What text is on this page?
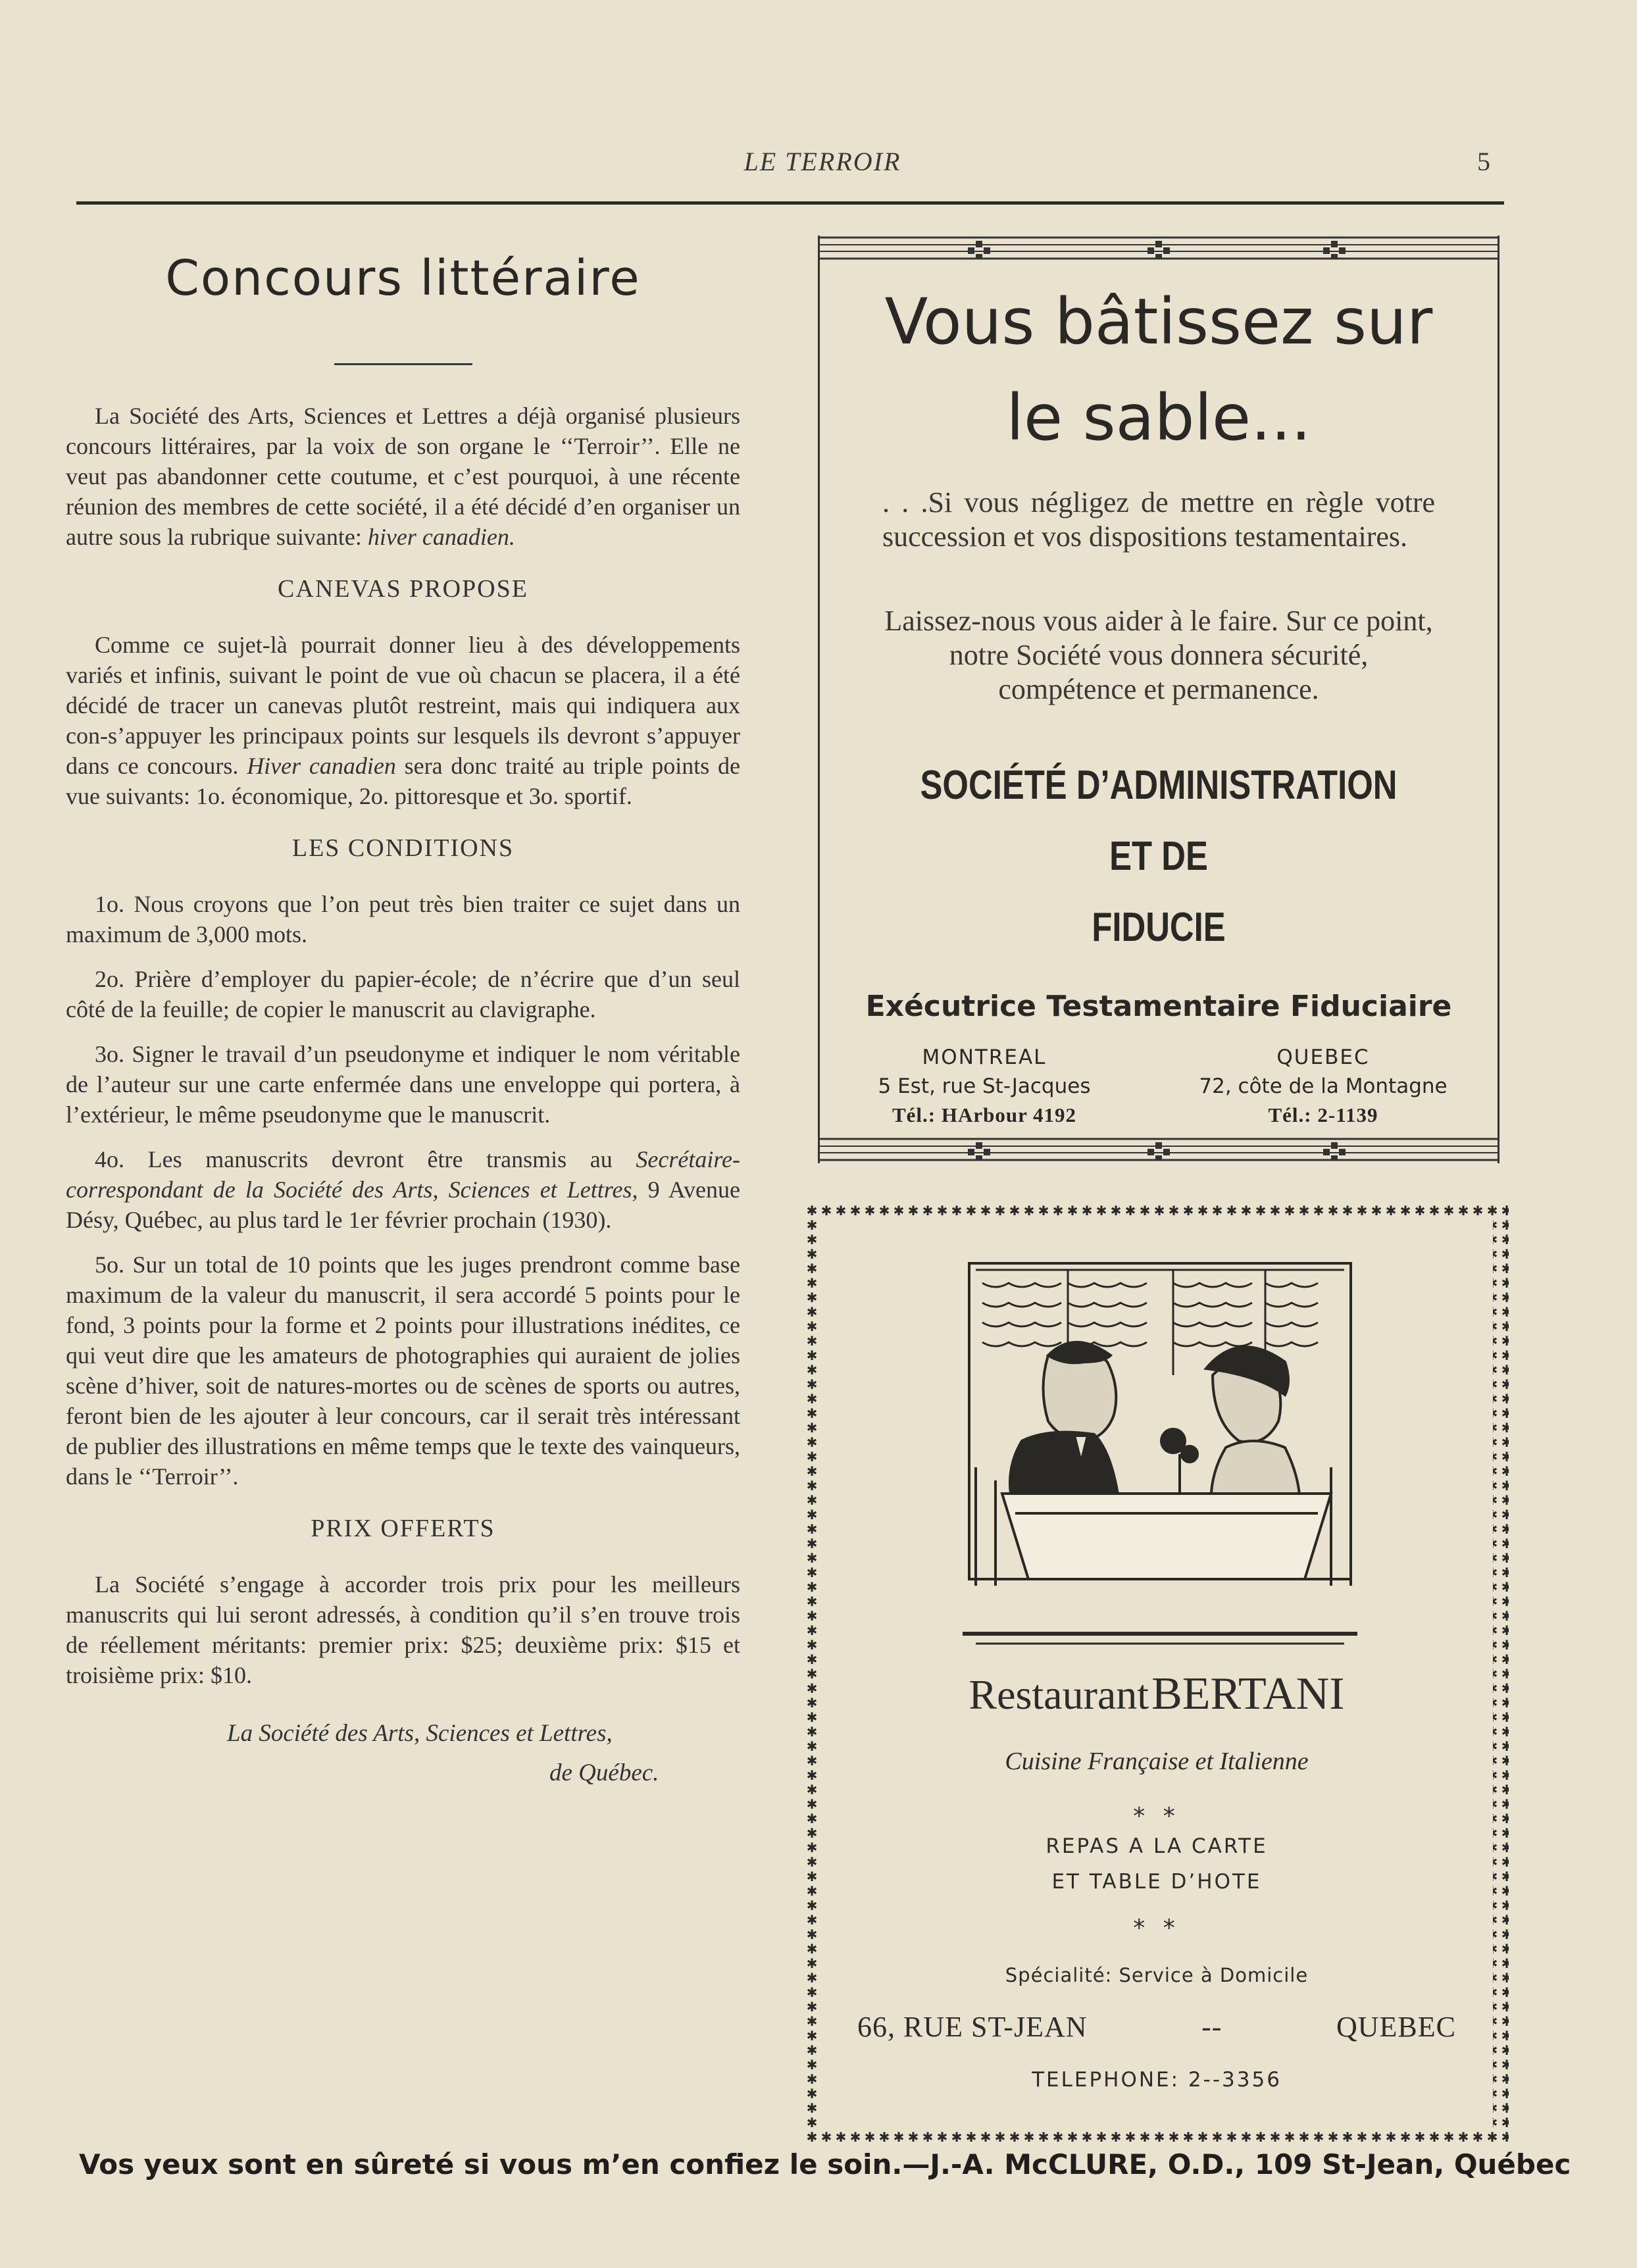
LE TERROIR	5
Concours littéraire

La Société des Arts, Sciences et Lettres a déjà organisé plusieurs concours littéraires, par la voix de son organe le ‘‘Terroir’’. Elle ne veut pas abandonner cette coutume, et c’est pourquoi, à une récente réunion des membres de cette société, il a été décidé d’en organiser un autre sous la rubrique suivante: hiver canadien.

CANEVAS PROPOSE

Comme ce sujet-là pourrait donner lieu à des développements variés et infinis, suivant le point de vue où chacun se placera, il a été décidé de tracer un canevas plutôt restreint, mais qui indiquera aux con-s’appuyer les principaux points sur lesquels ils devront s’appuyer dans ce concours. Hiver canadien sera donc traité au triple points de vue suivants: 1o. économique, 2o. pittoresque et 3o. sportif.

LES CONDITIONS

1o. Nous croyons que l’on peut très bien traiter ce sujet dans un maximum de 3,000 mots.

2o. Prière d’employer du papier-école; de n’écrire que d’un seul côté de la feuille; de copier le manuscrit au clavigraphe.

3o. Signer le travail d’un pseudonyme et indiquer le nom véritable de l’auteur sur une carte enfermée dans une enveloppe qui portera, à l’extérieur, le même pseudonyme que le manuscrit.

4o. Les manuscrits devront être transmis au Secrétaire-correspondant de la Société des Arts, Sciences et Lettres, 9 Avenue Désy, Québec, au plus tard le 1er février prochain (1930).

5o. Sur un total de 10 points que les juges prendront comme base maximum de la valeur du manuscrit, il sera accordé 5 points pour le fond, 3 points pour la forme et 2 points pour illustrations inédites, ce qui veut dire que les amateurs de photographies qui auraient de jolies scène d’hiver, soit de natures-mortes ou de scènes de sports ou autres, feront bien de les ajouter à leur concours, car il serait très intéressant de publier des illustrations en même temps que le texte des vainqueurs, dans le ‘‘Terroir’’.

PRIX OFFERTS

La Société s’engage à accorder trois prix pour les meilleurs manuscrits qui lui seront adressés, à condition qu’il s’en trouve trois de réellement méritants: premier prix: $25; deuxième prix: $15 et troisième prix: $10.

La Société des Arts, Sciences et Lettres,
de Québec.
Vous bâtissez sur
le sable...

. . .Si vous négligez de mettre en règle votre succession et vos dispositions testamentaires.

Laissez-nous vous aider à le faire. Sur ce point, notre Société vous donnera sécurité, compétence et permanence.

SOCIÉTÉ D’ADMINISTRATION ET DE
FIDUCIE
Exécutrice Testamentaire Fiduciaire
MONTREAL
5 Est, rue St-Jacques
Tél.: HArbour 4192
QUEBEC
72, côte de la Montagne
Tél.: 2-1139
Restaurant BERTANI
Cuisine Française et Italienne
* *
REPAS A LA CARTE
ET TABLE D’HOTE
* *
Spécialité: Service à Domicile
66, RUE ST-JEAN	--	QUEBEC
TELEPHONE: 2--3356
Vos yeux sont en sûreté si vous m’en confiez le soin.—J.-A. McCLURE, O.D., 109 St-Jean, Québec
